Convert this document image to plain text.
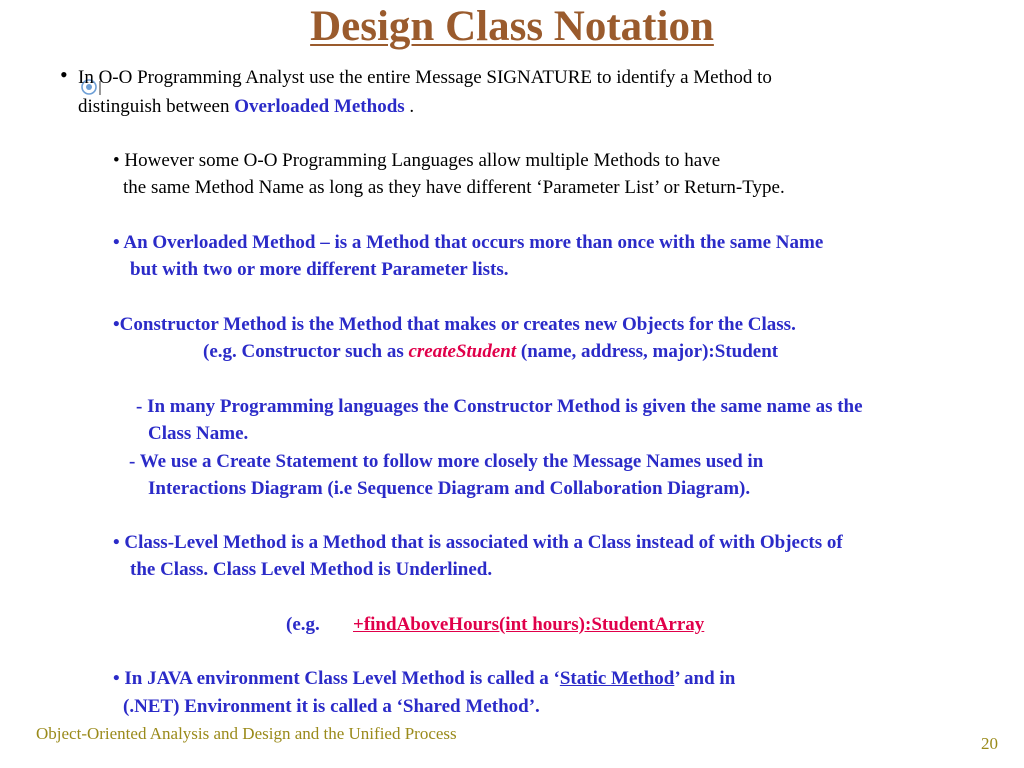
Design Class Notation
• In O-O Programming Analyst use the entire Message SIGNATURE to identify a Method to
distinguish between Overloaded Methods .
• However some O-O Programming Languages allow multiple Methods to have
the same Method Name as long as they have different ‘Parameter List’ or Return-Type.
• An Overloaded Method – is a Method that occurs more than once with the same Name
but with two or more different Parameter lists.
•Constructor Method is the Method that makes or creates new Objects for the Class.
(e.g. Constructor such as createStudent (name, address, major):Student
- In many Programming languages the Constructor Method is given the same name as the
Class Name.
- We use a Create Statement to follow more closely the Message Names used in
Interactions Diagram (i.e Sequence Diagram and Collaboration Diagram).
• Class-Level Method is a Method that is associated with a Class instead of with Objects of
the Class. Class Level Method is Underlined.
(e.g. +findAboveHours(int hours):StudentArray
• In JAVA environment Class Level Method is called a ‘Static Method’ and in
(.NET) Environment it is called a ‘Shared Method’.
Object-Oriented Analysis and Design and the Unified Process
20
